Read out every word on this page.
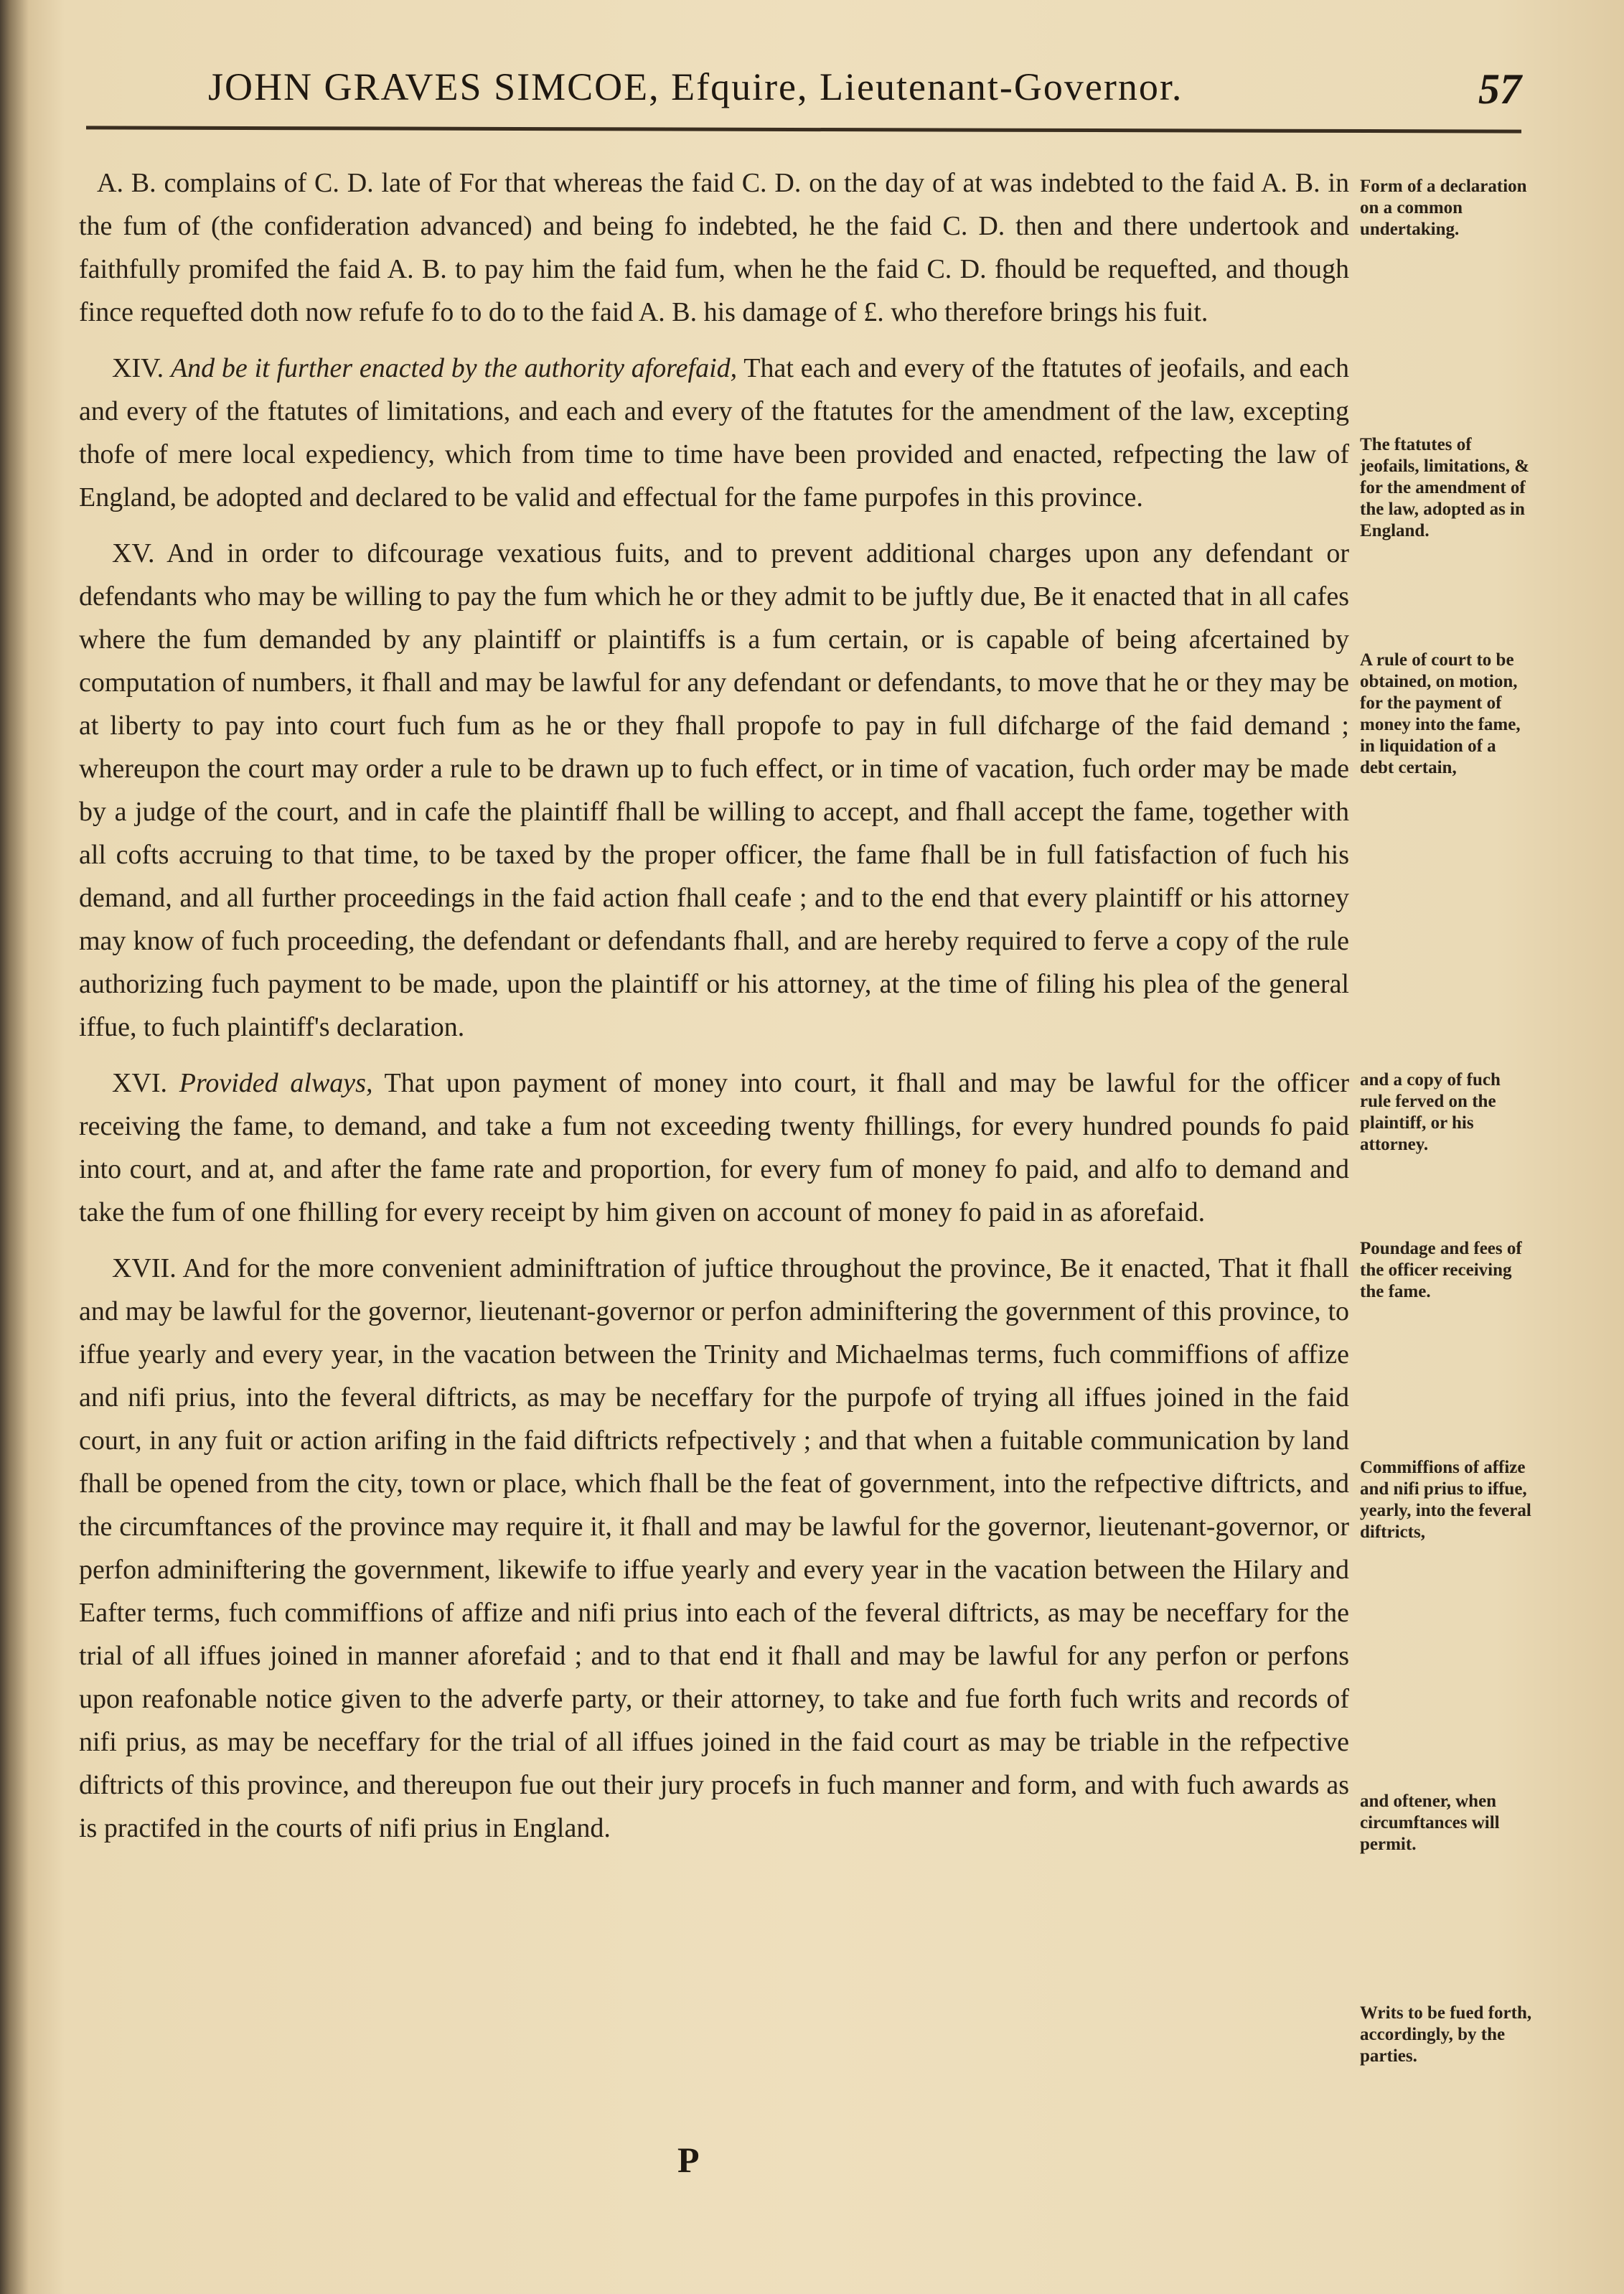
JOHN GRAVES SIMCOE, Efquire, Lieutenant-Governor.	57

A. B. complains of C. D. late of For that whereas the faid C. D. on the day of at was indebted to the faid A. B. in the fum of (the confideration advanced) and being fo indebted, he the faid C. D. then and there undertook and faithfully promifed the faid A. B. to pay him the faid fum, when he the faid C. D. fhould be requefted, and though fince requefted doth now refufe fo to do to the faid A. B. his damage of £. who therefore brings his fuit.

XIV. And be it further enacted by the authority aforefaid, That each and every of the ftatutes of jeofails, and each and every of the ftatutes of limitations, and each and every of the ftatutes for the amendment of the law, excepting thofe of mere local expediency, which from time to time have been provided and enacted, refpecting the law of England, be adopted and declared to be valid and effectual for the fame purpofes in this province.

XV. And in order to difcourage vexatious fuits, and to prevent additional charges upon any defendant or defendants who may be willing to pay the fum which he or they admit to be juftly due, Be it enacted that in all cafes where the fum demanded by any plaintiff or plaintiffs is a fum certain, or is capable of being afcertained by computation of numbers, it fhall and may be lawful for any defendant or defendants, to move that he or they may be at liberty to pay into court fuch fum as he or they fhall propofe to pay in full difcharge of the faid demand ; whereupon the court may order a rule to be drawn up to fuch effect, or in time of vacation, fuch order may be made by a judge of the court, and in cafe the plaintiff fhall be willing to accept, and fhall accept the fame, together with all cofts accruing to that time, to be taxed by the proper officer, the fame fhall be in full fatisfaction of fuch his demand, and all further proceedings in the faid action fhall ceafe ; and to the end that every plaintiff or his attorney may know of fuch proceeding, the defendant or defendants fhall, and are hereby required to ferve a copy of the rule authorizing fuch payment to be made, upon the plaintiff or his attorney, at the time of filing his plea of the general iffue, to fuch plaintiff's declaration.

XVI. Provided always, That upon payment of money into court, it fhall and may be lawful for the officer receiving the fame, to demand, and take a fum not exceeding twenty fhillings, for every hundred pounds fo paid into court, and at, and after the fame rate and proportion, for every fum of money fo paid, and alfo to demand and take the fum of one fhilling for every receipt by him given on account of money fo paid in as aforefaid.

XVII. And for the more convenient adminiftration of juftice throughout the province, Be it enacted, That it fhall and may be lawful for the governor, lieutenant-governor or perfon adminiftering the government of this province, to iffue yearly and every year, in the vacation between the Trinity and Michaelmas terms, fuch commiffions of affize and nifi prius, into the feveral diftricts, as may be neceffary for the purpofe of trying all iffues joined in the faid court, in any fuit or action arifing in the faid diftricts refpectively ; and that when a fuitable communication by land fhall be opened from the city, town or place, which fhall be the feat of government, into the refpective diftricts, and the circumftances of the province may require it, it fhall and may be lawful for the governor, lieutenant-governor, or perfon adminiftering the government, likewife to iffue yearly and every year in the vacation between the Hilary and Eafter terms, fuch commiffions of affize and nifi prius into each of the feveral diftricts, as may be neceffary for the trial of all iffues joined in manner aforefaid ; and to that end it fhall and may be lawful for any perfon or perfons upon reafonable notice given to the adverfe party, or their attorney, to take and fue forth fuch writs and records of nifi prius, as may be neceffary for the trial of all iffues joined in the faid court as may be triable in the refpective diftricts of this province, and thereupon fue out their jury procefs in fuch manner and form, and with fuch awards as is practifed in the courts of nifi prius in England.

Form of a declaration on a common undertaking.
The ftatutes of jeofails, limitations, & for the amendment of the law, adopted as in England.
A rule of court to be obtained, on motion, for the payment of money into the fame, in liquidation of a debt certain,
and a copy of fuch rule ferved on the plaintiff, or his attorney.
Poundage and fees of the officer receiving the fame.
Commiffions of affize and nifi prius to iffue, yearly, into the feveral diftricts,
and oftener, when circumftances will permit.
Writs to be fued forth, accordingly, by the parties.
P
